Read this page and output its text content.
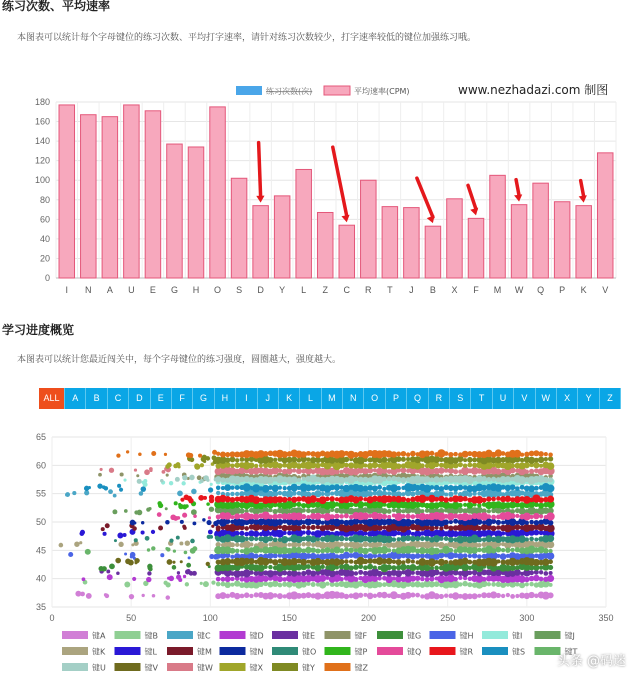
练习次数、平均速率
本图表可以统计每个字母键位的练习次数、平均打字速率，请针对练习次数较少，打字速率较低的键位加强练习哦。
0
20
40
60
80
100
120
140
160
180
I N A U E G H O S D Y L Z C R T J B X F M W Q P K V
练习次数(次)	平均速率(CPM)	www.nezhadazi.com 制图
学习进度概览
本图表可以统计您最近闯关中，每个字母键位的练习强度，圆圈越大，强度越大。
ALL	A	B	C	D	E	F	G	H	I	J	K	L	M	N	O	P	Q	R	S	T	U	V	W	X	Y	Z
35
40
45
50
55
60
65
0	50	100	150	200	250	300	350
键A	键B	键C	键D	键E	键F	键G	键H	键I	键J
键K	键L	键M	键N	键O	键P	键Q	键R	键S	键T
键U	键V	键W	键X	键Y	键Z	头条 @码迷
